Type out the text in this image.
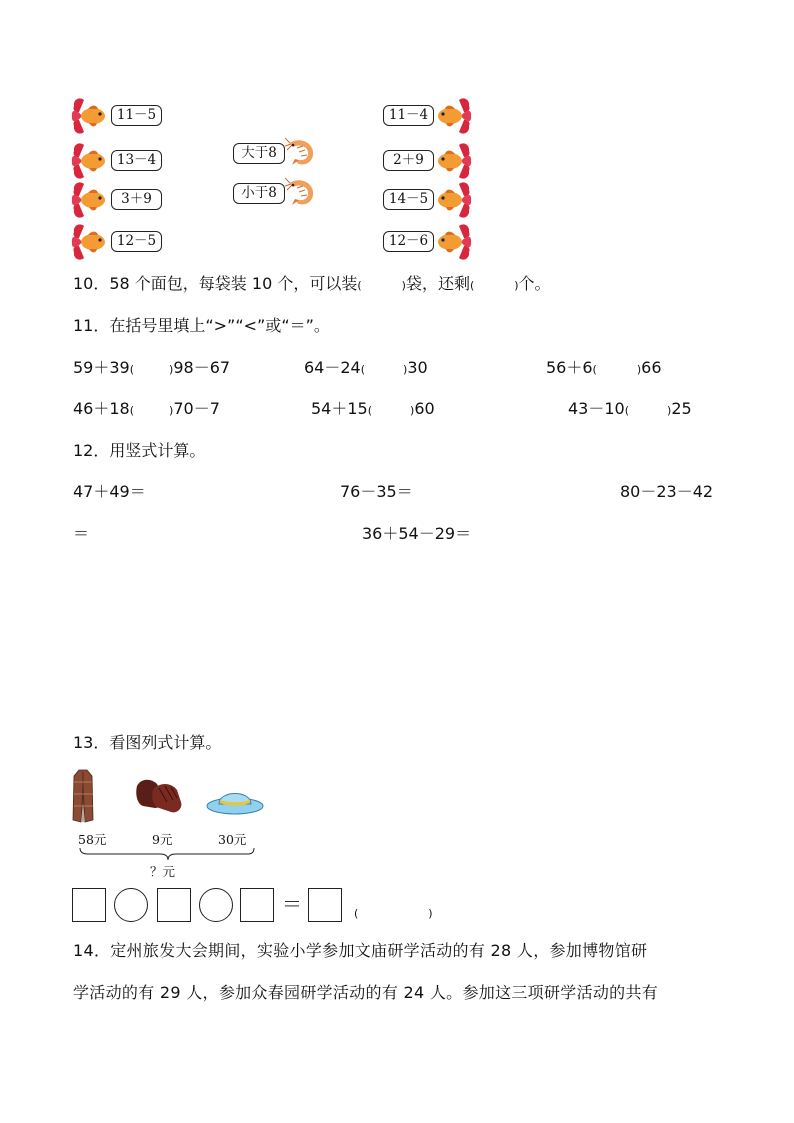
11－5
13－4
3＋9
12－5
大于8
小于8
11－4
2＋9
14－5
12－6
10．58 个面包，每袋装 10 个，可以装(	)袋，还剩(	)个。
11．在括号里填上“>”“<”或“＝”。
59＋39(	)98－67	64－24(	)30	56＋6(	)66
46＋18(	)70－7	54＋15(	)60	43－10(	)25
12．用竖式计算。
47＋49＝	76－35＝	80－23－42
＝	36＋54－29＝
13．看图列式计算。
58元	9元	30元
？元
＝	(	)
14．定州旅发大会期间，实验小学参加文庙研学活动的有 28 人，参加博物馆研
学活动的有 29 人，参加众春园研学活动的有 24 人。参加这三项研学活动的共有
